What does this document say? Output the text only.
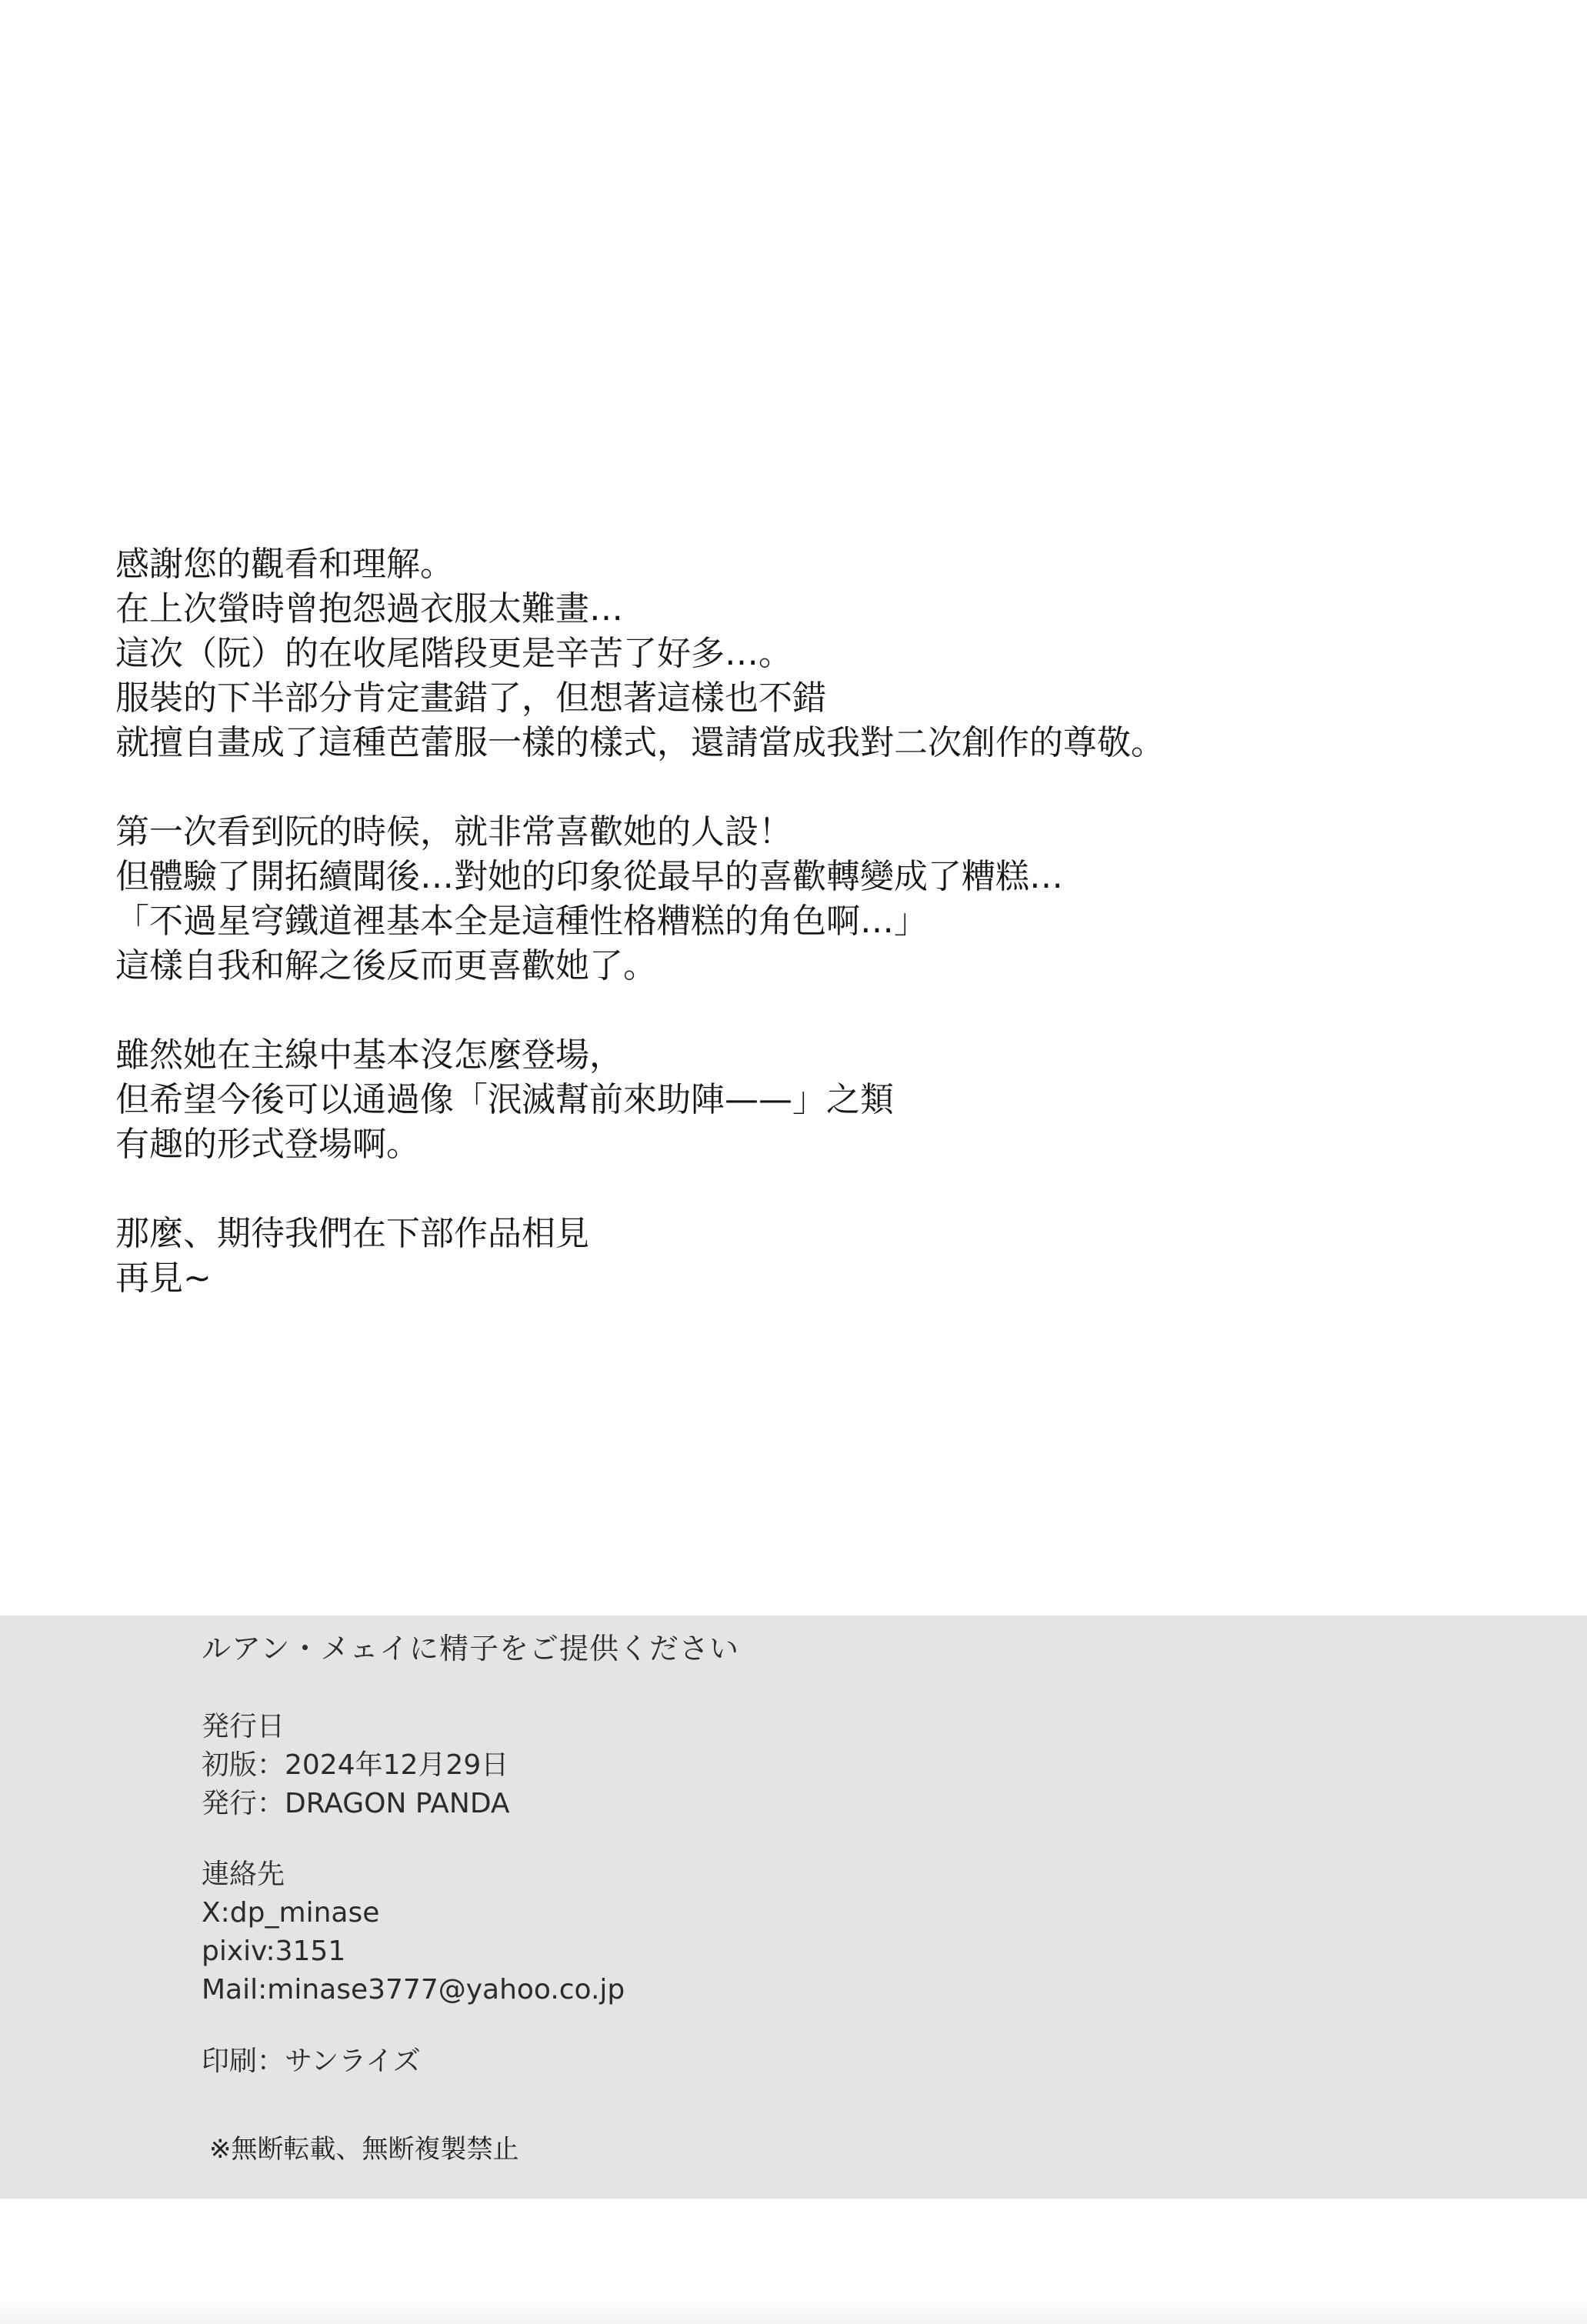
感謝您的觀看和理解。
在上次螢時曾抱怨過衣服太難畫…
這次（阮）的在收尾階段更是辛苦了好多…。
服裝的下半部分肯定畫錯了，但想著這樣也不錯
就擅自畫成了這種芭蕾服一樣的樣式，還請當成我對二次創作的尊敬。
第一次看到阮的時候，就非常喜歡她的人設！
但體驗了開拓續聞後…對她的印象從最早的喜歡轉變成了糟糕…
「不過星穹鐵道裡基本全是這種性格糟糕的角色啊…」
這樣自我和解之後反而更喜歡她了。
雖然她在主線中基本沒怎麼登場，
但希望今後可以通過像「泯滅幫前來助陣——」之類
有趣的形式登場啊。
那麼、期待我們在下部作品相見
再見~
ルアン・メェイに精子をご提供ください
発行日
初版：2024年12月29日
発行：DRAGON PANDA
連絡先
X:dp_minase
pixiv:3151
Mail:minase3777@yahoo.co.jp
印刷：サンライズ
※無断転載、無断複製禁止
